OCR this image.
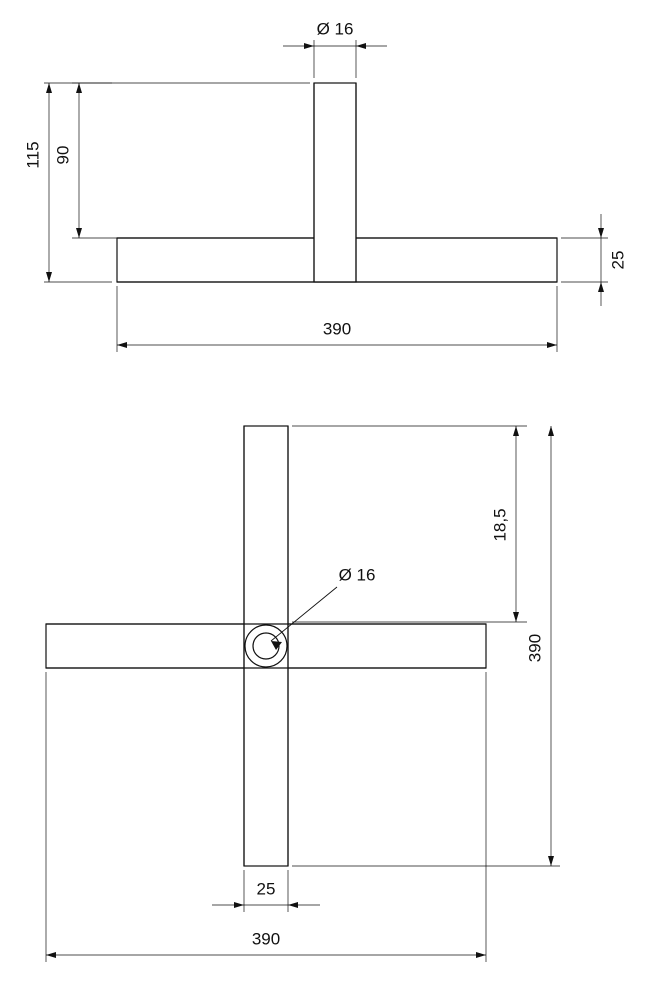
Ø 16
115 90
25
390
Ø 16
18,5
390
25
390
